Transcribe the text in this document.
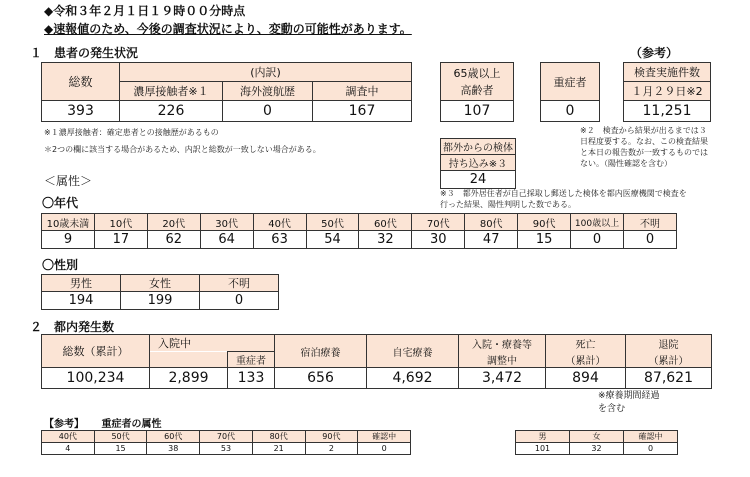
◆令和３年２月１日１９時００分時点
◆速報値のため、今後の調査状況により、変動の可能性があります。
１　患者の発生状況	（参考）
総数	(内訳)		
	濃厚接触者※１	海外渡航歴	調査中
393	226	0	167
65歳以上
高齢者

107
重症者
0
検査実施件数
１月２９日※2
11,251
※１濃厚接触者：確定患者との接触歴があるもの
＊2つの欄に該当する場合があるため、内訳と総数が一致しない場合がある。
※２　検査から結果が出るまでは３
日程度要する。なお、この検査結果
と本日の報告数が一致するものでは
ない。（陽性確認を含む）
都外からの検体
持ち込み※３
24
※３　都外居住者が自己採取し郵送した検体を都内医療機関で検査を
行った結果、陽性判明した数である。
＜属性＞
〇年代
10歳未満	10代	20代	30代	40代	50代	60代	70代	80代	90代	100歳以上	不明
9	17	62	64	63	54	32	30	47	15	0	0
〇性別
男性	女性	不明
194	199	0
２　都内発生数
総数（累計）	入院中		宿泊療養	自宅療養	入院・療養等	死亡	退院
		重症者			調整中	（累計）	（累計）
100,234	2,899	133	656	4,692	3,472	894	87,621
※療養期間経過
を含む
【参考】 重症者の属性
40代	50代	60代	70代	80代	90代	確認中
4	15	38	53	21	2	0
男	女	確認中
101	32	0
